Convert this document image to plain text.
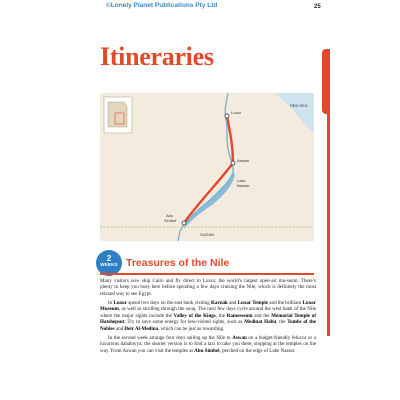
©Lonely Planet Publications Pty Ltd	25
Itineraries
RED SEA
Luxor
Aswan
Lake
Nasser
Abu
Simbel
SUDAN
2
WEEKS Treasures of the Nile

Many visitors now skip Cairo and fly direct to Luxor, the world’s largest open-air mu-seum. There’s plenty to keep you busy here before spending a few days cruising the Nile, which is definitely the most relaxed way to see Egypt.

In Luxor spend two days on the east bank visiting Karnak and Luxor Temple and the brilliant Luxor Museum, as well as strolling through the souq. The next few days cycle around the west bank of the Nile where the major sights include the Valley of the Kings, the Ramesseum and the Memorial Temple of Hatshepsut. Try to save some energy for less-visited sights, such as Medinat Habu, the Tombs of the Nobles and Deir Al-Medina, which can be just as rewarding.

In the second week arrange four days sailing up the Nile to Aswan on a budget-friendly felucca or a luxurious dahabiyya; the shorter version is to find a taxi to take you there, stopping at the temples on the way. From Aswan you can visit the temples at Abu Simbel, perched on the edge of Lake Nasser.
